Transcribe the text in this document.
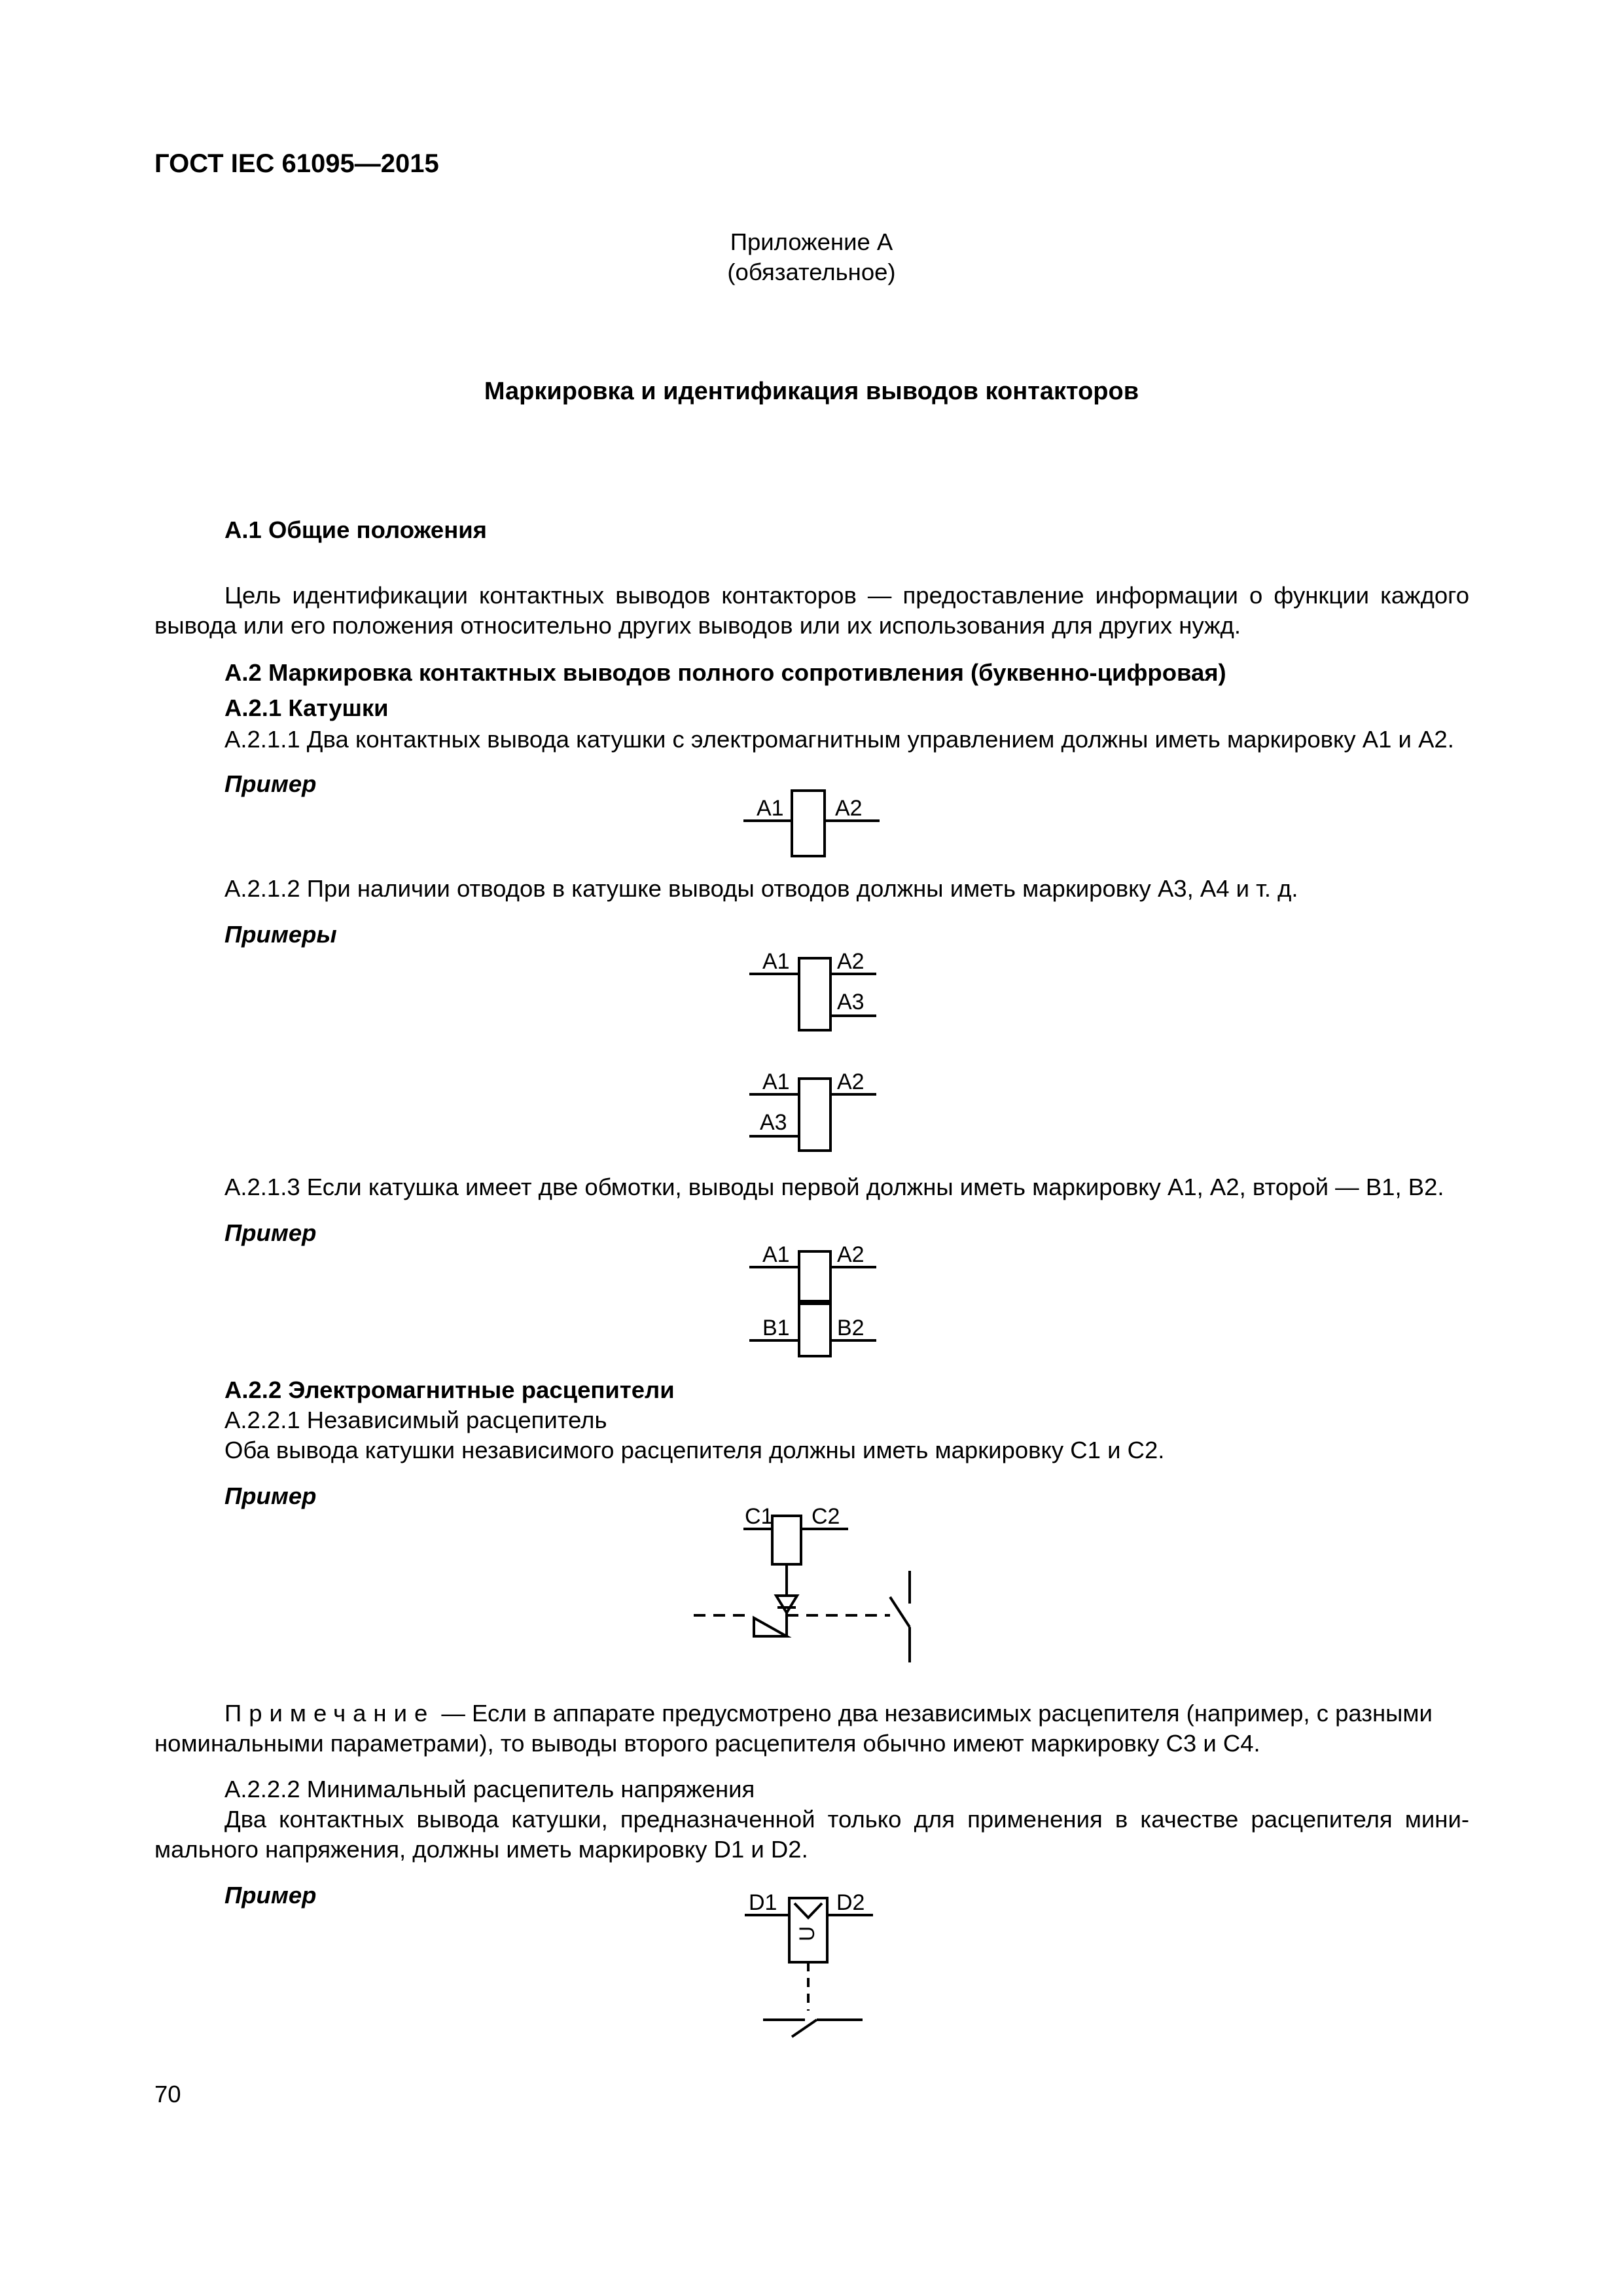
ГОСТ IEC 61095—2015
Приложение А
(обязательное)
Маркировка и идентификация выводов контакторов
А.1 Общие положения
Цель идентификации контактных выводов контакторов — предоставление информации о функции каждого
вывода или его положения относительно других выводов или их использования для других нужд.
А.2 Маркировка контактных выводов полного сопротивления (буквенно-цифровая)
А.2.1 Катушки
А.2.1.1 Два контактных вывода катушки с электромагнитным управлением должны иметь маркировку А1 и А2.
Пример
A1 A2
А.2.1.2 При наличии отводов в катушке выводы отводов должны иметь маркировку А3, А4 и т. д.
Примеры
A1 A2
A3
A1 A2
A3
А.2.1.3 Если катушка имеет две обмотки, выводы первой должны иметь маркировку А1, А2, второй — В1, В2.
Пример
A1 A2
B1 B2
А.2.2 Электромагнитные расцепители
А.2.2.1 Независимый расцепитель
Оба вывода катушки независимого расцепителя должны иметь маркировку С1 и С2.
Пример
C1 C2
Примечание — Если в аппарате предусмотрено два независимых расцепителя (например, с разными
номинальными параметрами), то выводы второго расцепителя обычно имеют маркировку С3 и С4.
А.2.2.2 Минимальный расцепитель напряжения
Два контактных вывода катушки, предназначенной только для применения в качестве расцепителя мини-
мального напряжения, должны иметь маркировку D1 и D2.
Пример	D1	D2
U
70
